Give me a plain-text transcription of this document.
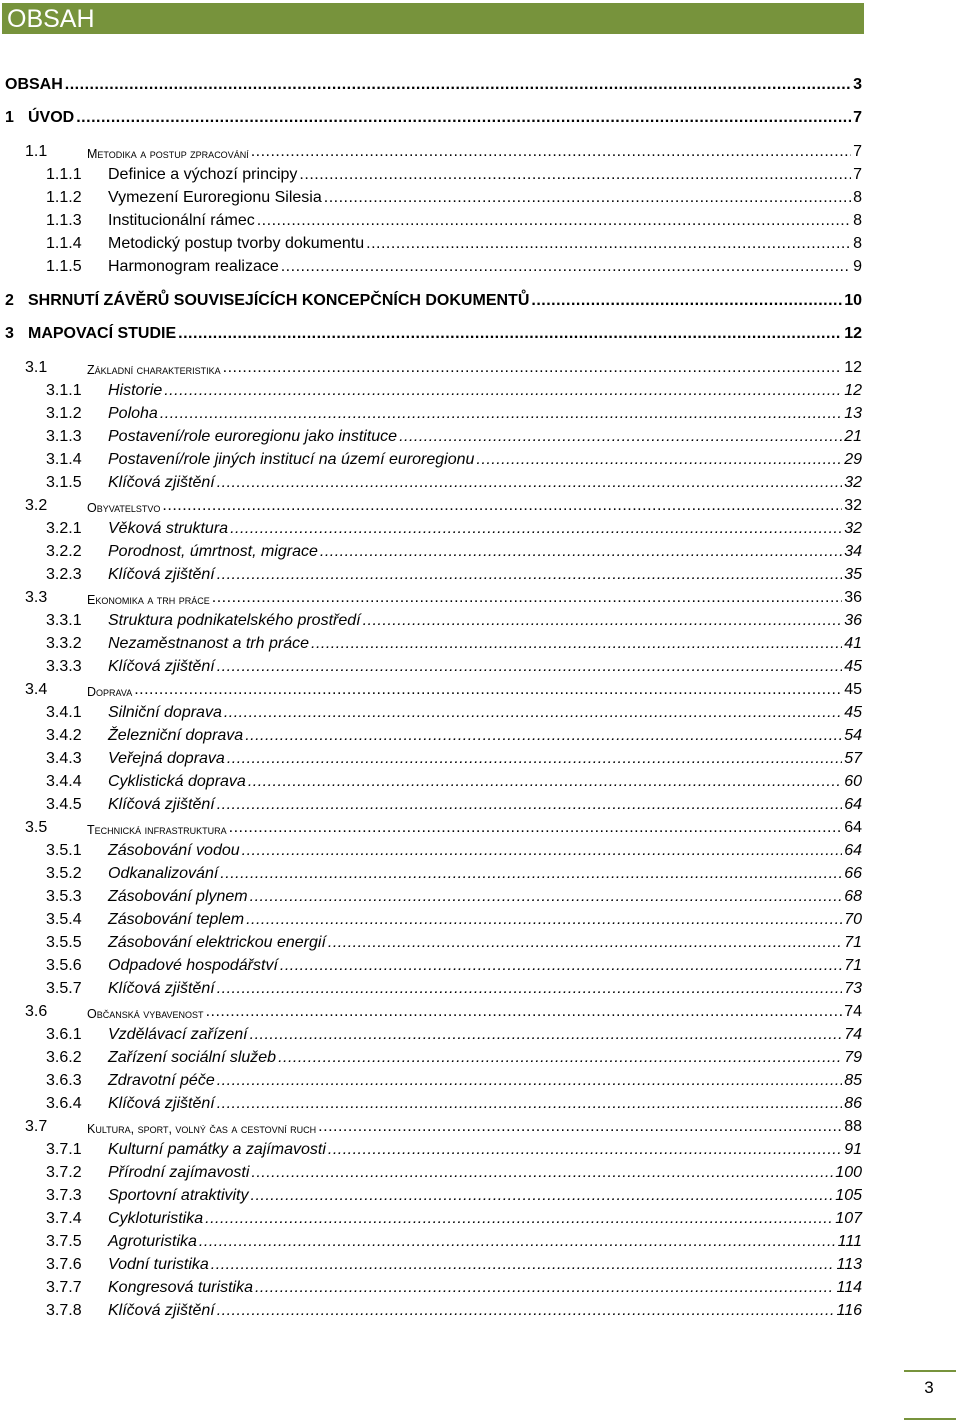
OBSAH
OBSAH .....	3
1 ÚVOD .....	7
1.1	Metodika a postup zpracování .....	7
1.1.1	Definice a výchozí principy .....	7
1.1.2	Vymezení Euroregionu Silesia .....	8
1.1.3	Institucionální rámec .....	8
1.1.4	Metodický postup tvorby dokumentu .....	8
1.1.5	Harmonogram realizace .....	9
2 SHRNUTÍ ZÁVĚRŮ SOUVISEJÍCÍCH KONCEPČNÍCH DOKUMENTŮ .....	10
3 MAPOVACÍ STUDIE .....	12
3.1	Základní charakteristika .....	12
3.1.1	Historie .....	12
3.1.2	Poloha .....	13
3.1.3	Postavení/role euroregionu jako instituce .....	21
3.1.4	Postavení/role jiných institucí na území euroregionu .....	29
3.1.5	Klíčová zjištění .....	32
3.2	Obyvatelstvo .....	32
3.2.1	Věková struktura .....	32
3.2.2	Porodnost, úmrtnost, migrace .....	34
3.2.3	Klíčová zjištění .....	35
3.3	Ekonomika a trh práce .....	36
3.3.1	Struktura podnikatelského prostředí .....	36
3.3.2	Nezaměstnanost a trh práce .....	41
3.3.3	Klíčová zjištění .....	45
3.4	Doprava .....	45
3.4.1	Silniční doprava .....	45
3.4.2	Železniční doprava .....	54
3.4.3	Veřejná doprava .....	57
3.4.4	Cyklistická doprava .....	60
3.4.5	Klíčová zjištění .....	64
3.5	Technická infrastruktura .....	64
3.5.1	Zásobování vodou .....	64
3.5.2	Odkanalizování .....	66
3.5.3	Zásobování plynem .....	68
3.5.4	Zásobování teplem .....	70
3.5.5	Zásobování elektrickou energií .....	71
3.5.6	Odpadové hospodářství .....	71
3.5.7	Klíčová zjištění .....	73
3.6	Občanská vybavenost .....	74
3.6.1	Vzdělávací zařízení .....	74
3.6.2	Zařízení sociální služeb .....	79
3.6.3	Zdravotní péče .....	85
3.6.4	Klíčová zjištění .....	86
3.7	Kultura, sport, volný čas a cestovní ruch .....	88
3.7.1	Kulturní památky a zajímavosti .....	91
3.7.2	Přírodní zajímavosti .....	100
3.7.3	Sportovní atraktivity .....	105
3.7.4	Cykloturistika .....	107
3.7.5	Agroturistika .....	111
3.7.6	Vodní turistika .....	113
3.7.7	Kongresová turistika .....	114
3.7.8	Klíčová zjištění .....	116
3
